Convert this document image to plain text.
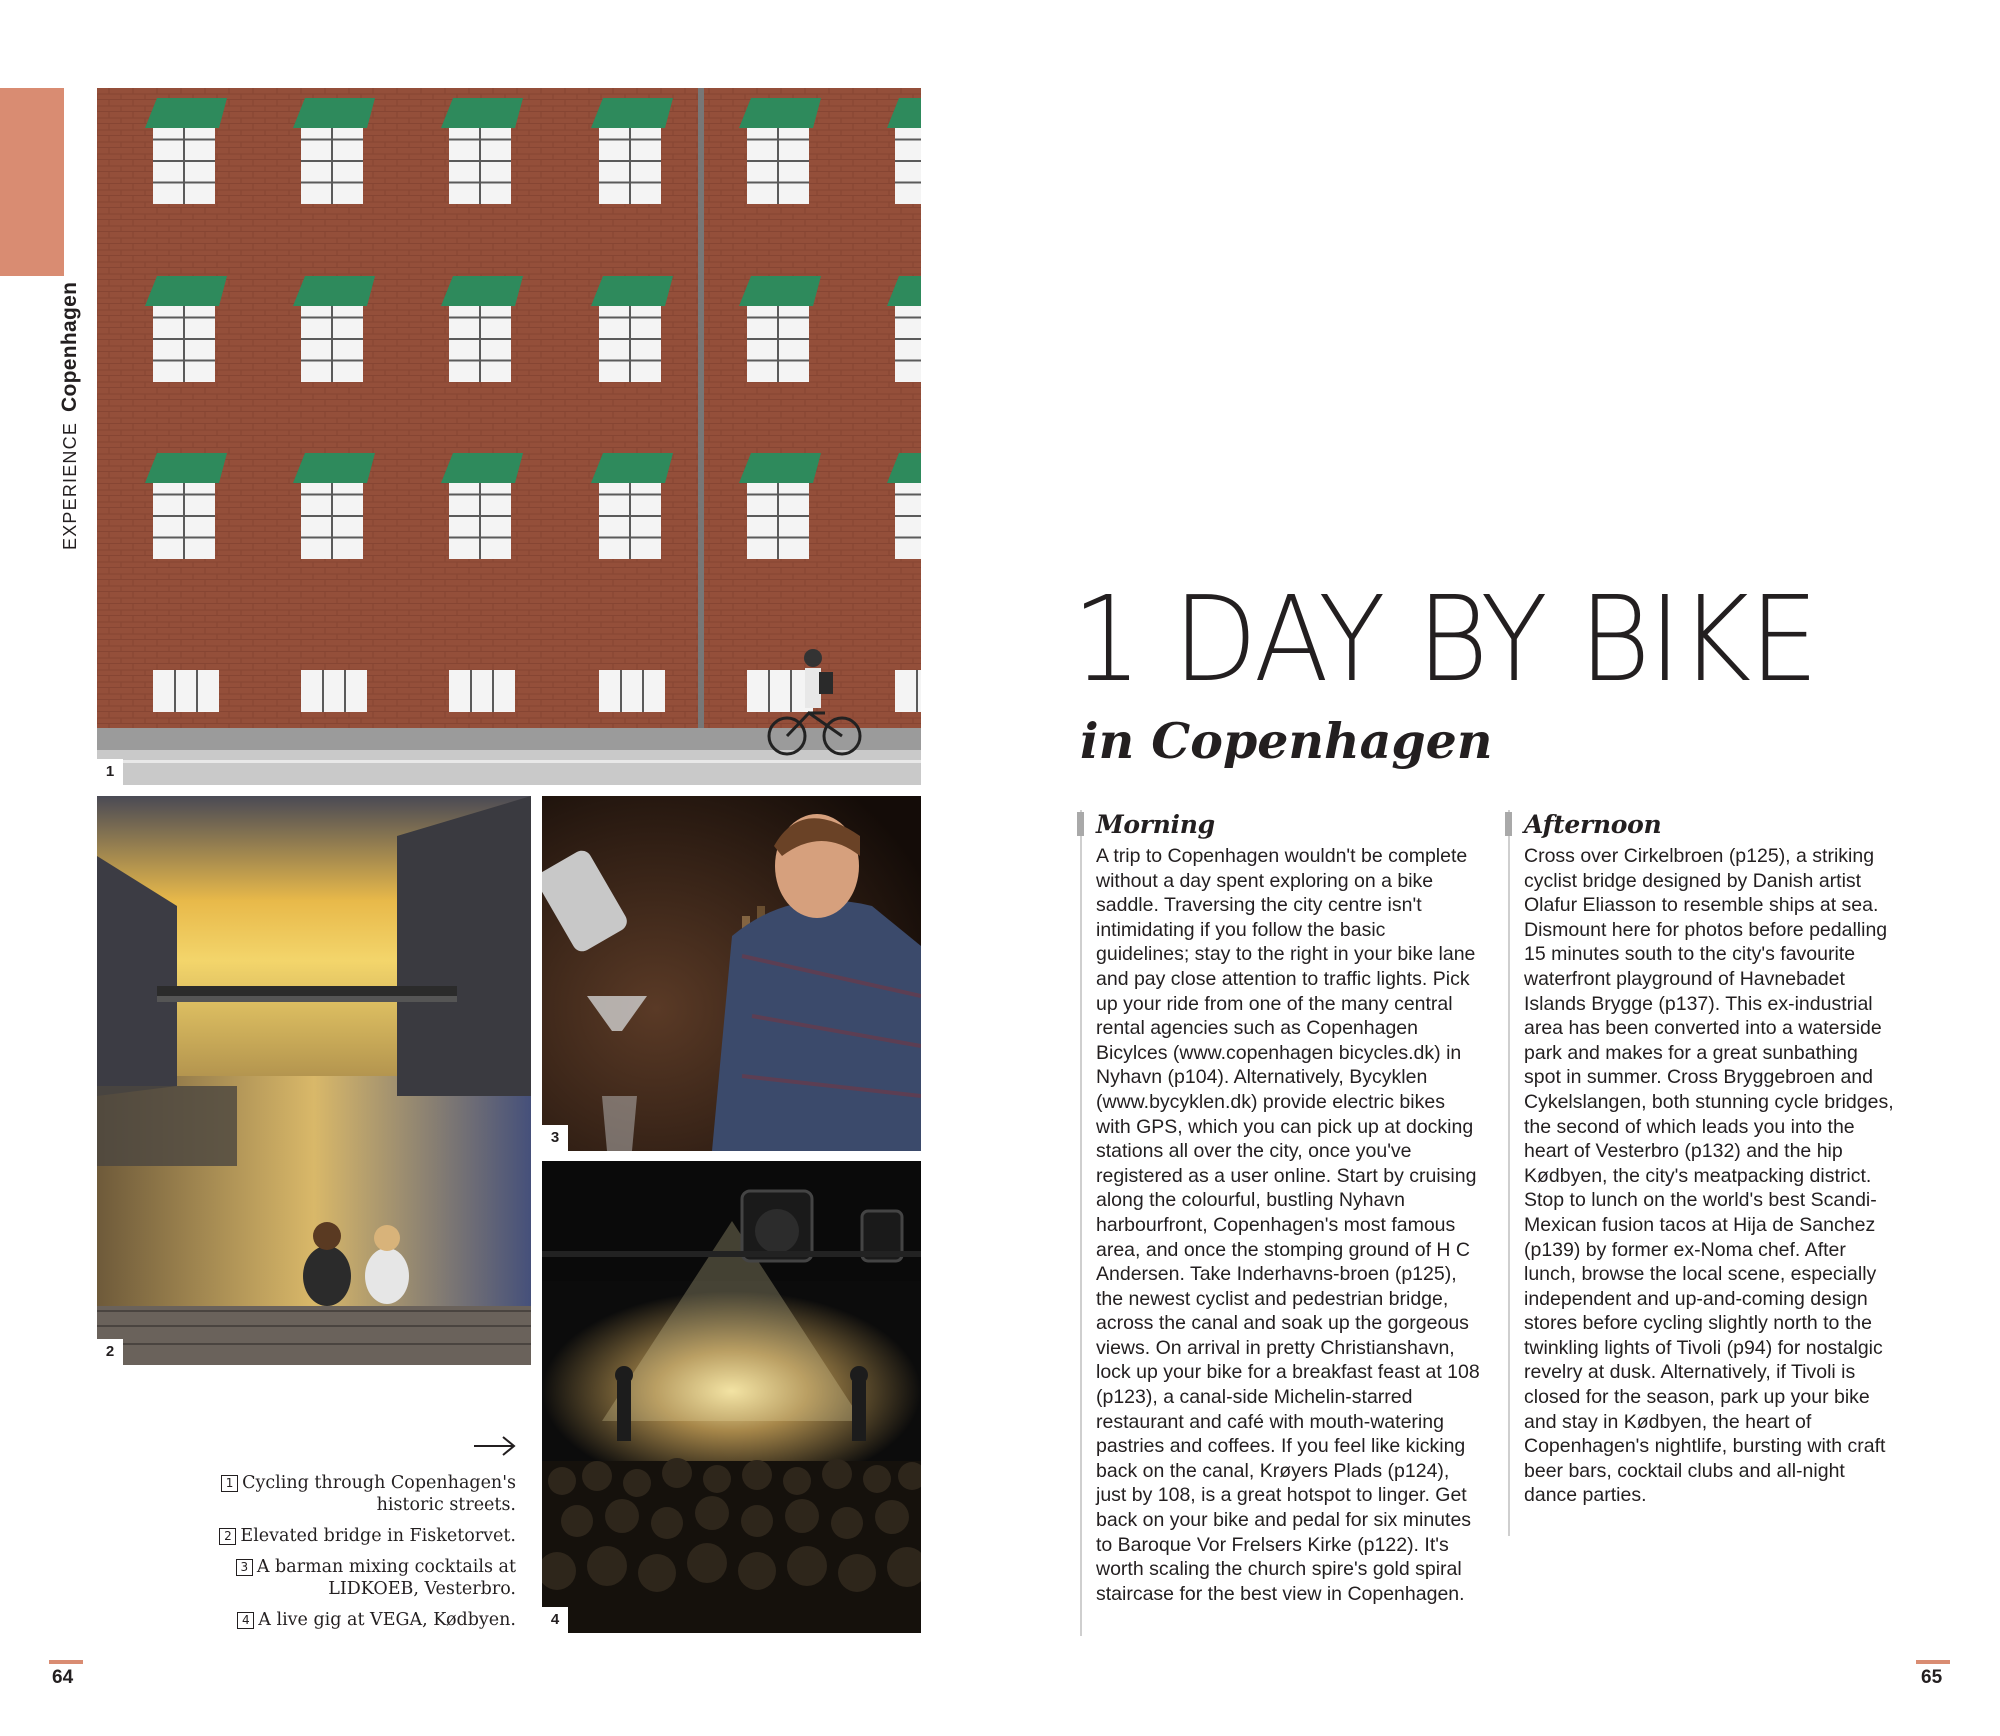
EXPERIENCECopenhagen
1
2
3
4
1 Cycling through Copenhagen's historic streets.
2 Elevated bridge in Fisketorvet.
3 A barman mixing cocktails at LIDKOEB, Vesterbro.
4 A live gig at VEGA, Kødbyen.
1 DAY BY BIKE
in Copenhagen
Morning

A trip to Copenhagen wouldn't be complete without a day spent exploring on a bike saddle. Traversing the city centre isn't intimidating if you follow the basic guidelines; stay to the right in your bike lane and pay close attention to traffic lights. Pick up your ride from one of the many central rental agencies such as Copenhagen Bicylces (www.copenhagen bicycles.dk) in Nyhavn (p104). Alternatively, Bycyklen (www.bycyklen.dk) provide electric bikes with GPS, which you can pick up at docking stations all over the city, once you've registered as a user online. Start by cruising along the colourful, bustling Nyhavn harbourfront, Copenhagen's most famous area, and once the stomping ground of H C Andersen. Take Inderhavns-broen (p125), the newest cyclist and pedestrian bridge, across the canal and soak up the gorgeous views. On arrival in pretty Christianshavn, lock up your bike for a breakfast feast at 108 (p123), a canal-side Michelin-starred restaurant and café with mouth-watering pastries and coffees. If you feel like kicking back on the canal, Krøyers Plads (p124), just by 108, is a great hotspot to linger. Get back on your bike and pedal for six minutes to Baroque Vor Frelsers Kirke (p122). It's worth scaling the church spire's gold spiral staircase for the best view in Copenhagen.

Afternoon

Cross over Cirkelbroen (p125), a striking cyclist bridge designed by Danish artist Olafur Eliasson to resemble ships at sea. Dismount here for photos before pedalling 15 minutes south to the city's favourite waterfront playground of Havnebadet Islands Brygge (p137). This ex-industrial area has been converted into a waterside park and makes for a great sunbathing spot in summer. Cross Bryggebroen and Cykelslangen, both stunning cycle bridges, the second of which leads you into the heart of Vesterbro (p132) and the hip Kødbyen, the city's meatpacking district. Stop to lunch on the world's best Scandi-Mexican fusion tacos at Hija de Sanchez (p139) by former ex-Noma chef. After lunch, browse the local scene, especially independent and up-and-coming design stores before cycling slightly north to the twinkling lights of Tivoli (p94) for nostalgic revelry at dusk. Alternatively, if Tivoli is closed for the season, park up your bike and stay in Kødbyen, the heart of Copenhagen's nightlife, bursting with craft beer bars, cocktail clubs and all-night dance parties.

64	65
